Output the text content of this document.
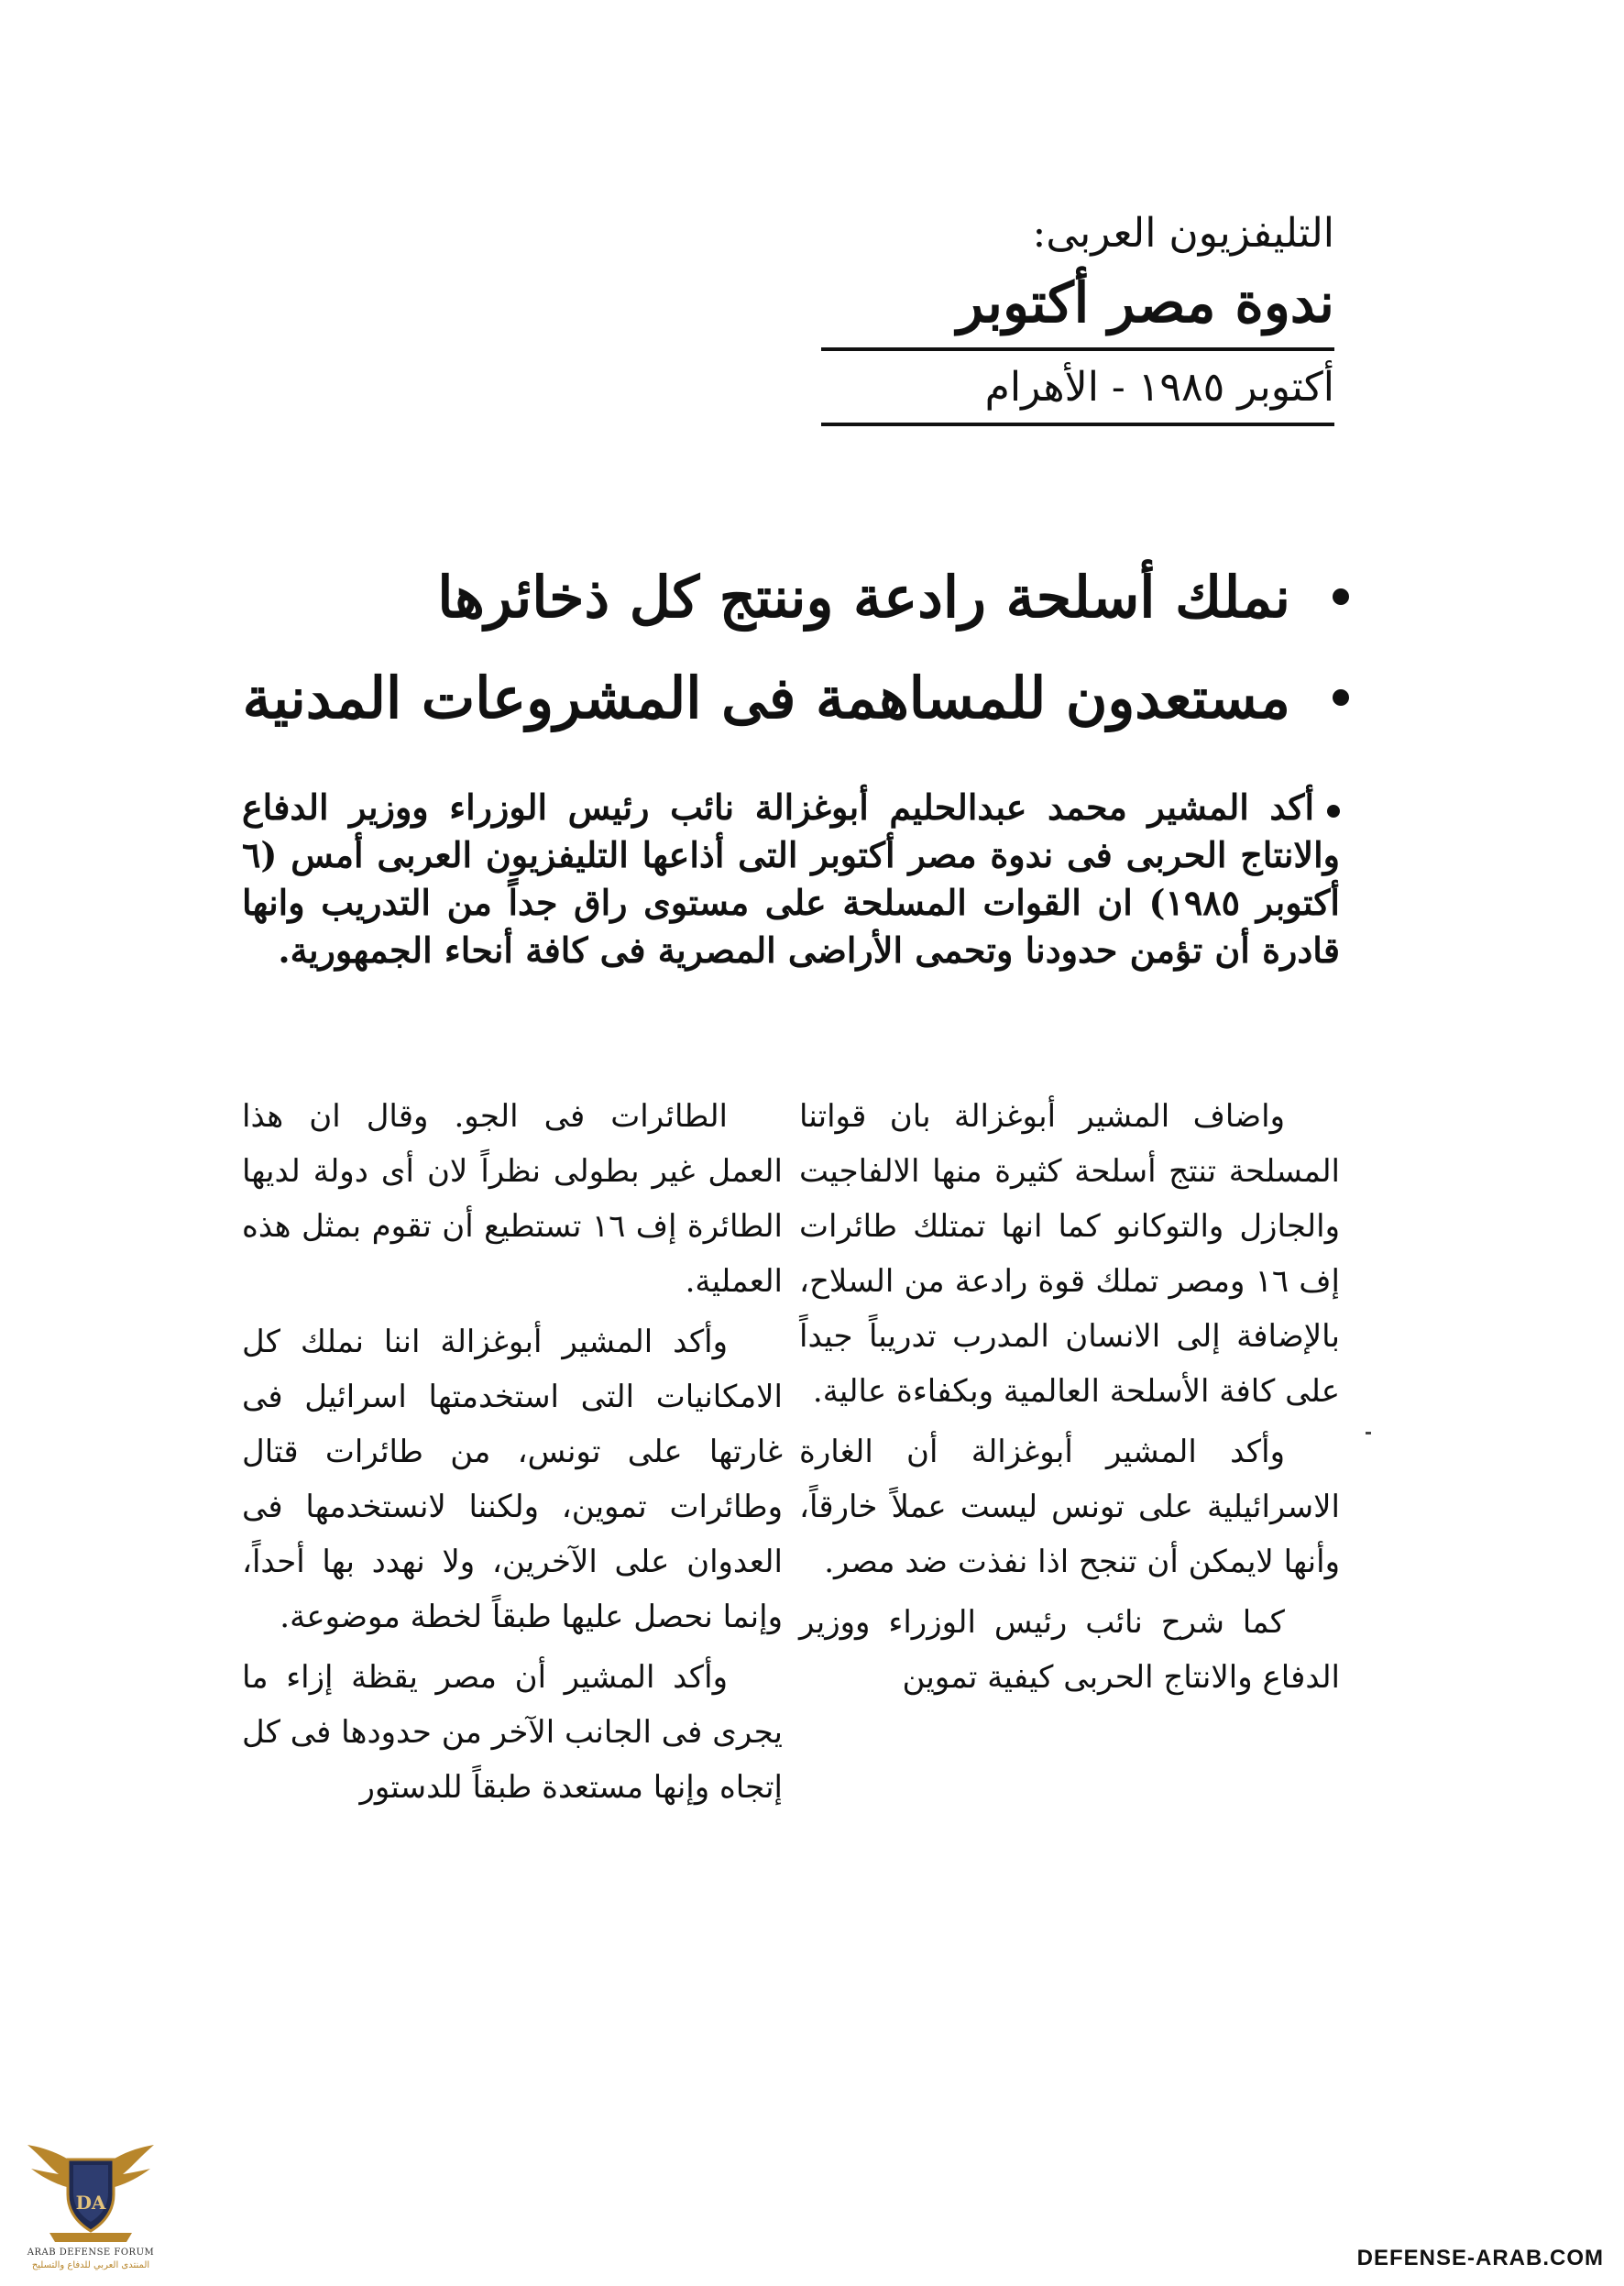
التليفزيون العربى:

ندوة مصر أكتوبر

أكتوبر ١٩٨٥ - الأهرام

نملك أسلحة رادعة وننتج كل ذخائرها
مستعدون للمساهمة فى المشروعات المدنية

أكد المشير محمد عبدالحليم أبوغزالة نائب رئيس الوزراء ووزير الدفاع والانتاج الحربى فى ندوة مصر أكتوبر التى أذاعها التليفزيون العربى أمس (٦ أكتوبر ١٩٨٥) ان القوات المسلحة على مستوى راق جداً من التدريب وانها قادرة أن تؤمن حدودنا وتحمى الأراضى المصرية فى كافة أنحاء الجمهورية.

واضاف المشير أبوغزالة بان قواتنا المسلحة تنتج أسلحة كثيرة منها الالفاجيت والجازل والتوكانو كما انها تمتلك طائرات إف ١٦ ومصر تملك قوة رادعة من السلاح، بالإضافة إلى الانسان المدرب تدريباً جيداً على كافة الأسلحة العالمية وبكفاءة عالية.

وأكد المشير أبوغزالة أن الغارة الاسرائيلية على تونس ليست عملاً خارقاً، وأنها لايمكن أن تنجح اذا نفذت ضد مصر.

كما شرح نائب رئيس الوزراء ووزير الدفاع والانتاج الحربى كيفية تموين

الطائرات فى الجو. وقال ان هذا العمل غير بطولى نظراً لان أى دولة لديها الطائرة إف ١٦ تستطيع أن تقوم بمثل هذه العملية.

وأكد المشير أبوغزالة اننا نملك كل الامكانيات التى استخدمتها اسرائيل فى غارتها على تونس، من طائرات قتال وطائرات تموين، ولكننا لانستخدمها فى العدوان على الآخرين، ولا نهدد بها أحداً، وإنما نحصل عليها طبقاً لخطة موضوعة.

وأكد المشير أن مصر يقظة إزاء ما يجرى فى الجانب الآخر من حدودها فى كل إتجاه وإنها مستعدة طبقاً للدستور

DA
ARAB DEFENSE FORUM
المنتدى العربي للدفاع والتسليح	DEFENSE-ARAB.COM
